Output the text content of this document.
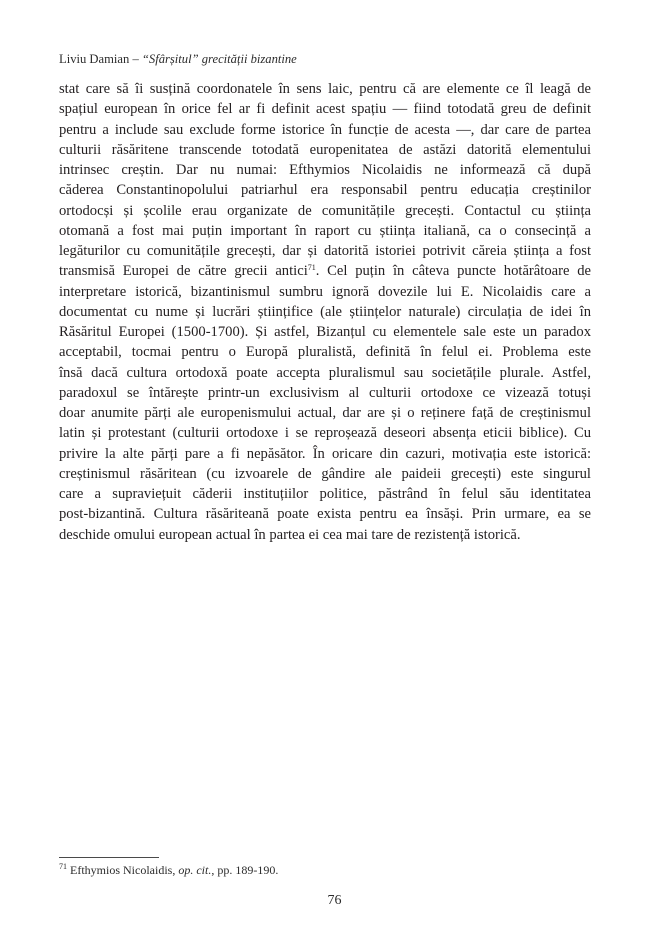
Liviu Damian – “Sfârșitul” grecității bizantine
stat care să îi susțină coordonatele în sens laic, pentru că are elemente ce îl leagă de
spațiul european în orice fel ar fi definit acest spațiu — fiind totodată greu de definit
pentru a include sau exclude forme istorice în funcție de acesta —, dar care de partea
culturii răsăritene transcende totodată europenitatea de astăzi datorită elementului
intrinsec creștin. Dar nu numai: Efthymios Nicolaidis ne informează că după
căderea Constantinopolului patriarhul era responsabil pentru educația creștinilor
ortodocși și școlile erau organizate de comunitățile grecești. Contactul cu știința
otomană a fost mai puțin important în raport cu știința italiană, ca o consecință a
legăturilor cu comunitățile grecești, dar și datorită istoriei potrivit căreia știința a fost
transmisă Europei de către grecii antici$^{71}$. Cel puțin în câteva puncte hotărâtoare de
interpretare istorică, bizantinismul sumbru ignoră dovezile lui E. Nicolaidis care a
documentat cu nume și lucrări științifice (ale științelor naturale) circulația de idei în
Răsăritul Europei (1500-1700). Și astfel, Bizanțul cu elementele sale este un paradox
acceptabil, tocmai pentru o Europă pluralistă, definită în felul ei. Problema este
însă dacă cultura ortodoxă poate accepta pluralismul sau societățile plurale. Astfel,
paradoxul se întărește printr-un exclusivism al culturii ortodoxe ce vizează totuși
doar anumite părți ale europenismului actual, dar are și o reținere față de creștinismul
latin și protestant (culturii ortodoxe i se reproșează deseori absența eticii biblice). Cu
privire la alte părți pare a fi nepăsător. În oricare din cazuri, motivația este istorică:
creștinismul răsăritean (cu izvoarele de gândire ale paideii grecești) este singurul
care a supraviețuit căderii instituțiilor politice, păstrând în felul său identitatea
post-bizantină. Cultura răsăriteană poate exista pentru ea însăși. Prin urmare, ea se
deschide omului european actual în partea ei cea mai tare de rezistență istorică.
$^{71}$ Efthymios Nicolaidis, op. cit., pp. 189-190.
76
